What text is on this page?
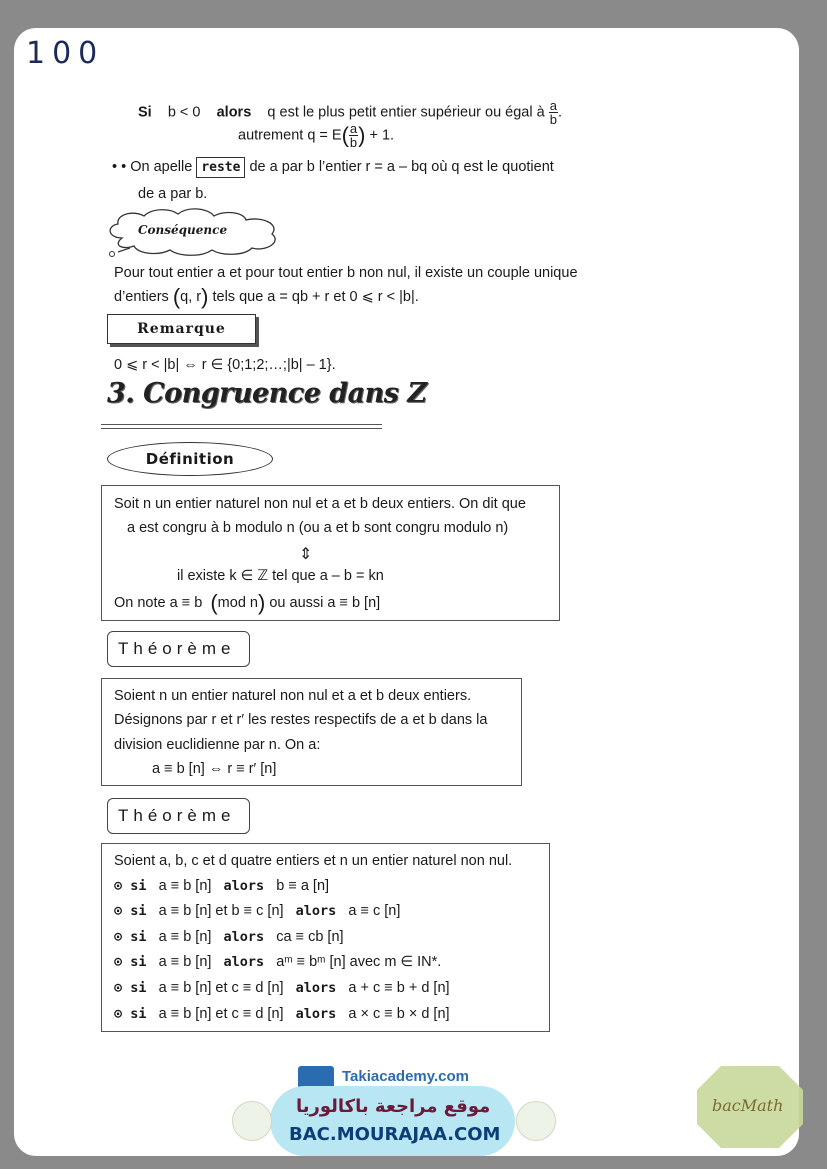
100
Si b < 0 alors q est le plus petit entier supérieur ou égal à $\frac{a}{b}$ .
autrement $q = E( \frac{a}{b}$ ) + 1.
• • On apelle reste de a par b l’entier r = a – bq où q est le quotient
de a par b.
Conséquence
Pour tout entier a et pour tout entier b non nul, il existe un couple unique
d’entiers (q, r) tels que a = qb + r et 0 ⩽ r < |b|.
Remarque
0 ⩽ r < |b| ⇔ r ∈ {0;1;2;…;|b| – 1}.
3. Congruence dans Z
Définition
Soit n un entier naturel non nul et a et b deux entiers. On dit que
a est congru à b modulo n (ou a et b sont congru modulo n)
⇕
il existe k ∈ ℤ tel que a – b = kn
On note a ≡ b (mod n) ou aussi a ≡ b [n]
Théorème
Soient n un entier naturel non nul et a et b deux entiers.
Désignons par r et r′ les restes respectifs de a et b dans la
division euclidienne par n. On a:
a ≡ b [n] ⇔ r ≡ r′ [n]
Théorème
Soient a, b, c et d quatre entiers et n un entier naturel non nul.
⊙ si a ≡ b [n] alors b ≡ a [n]
⊙ si a ≡ b [n] et b ≡ c [n] alors a ≡ c [n]
⊙ si a ≡ b [n] alors ca ≡ cb [n]
⊙ si a ≡ b [n] alors aᵐ ≡ bᵐ [n] avec m ∈ IN*.
⊙ si a ≡ b [n] et c ≡ d [n] alors a + c ≡ b + d [n]
⊙ si a ≡ b [n] et c ≡ d [n] alors a × c ≡ b × d [n]
Takiacademy.com
موقع مراجعة باكالوريا
BAC.MOURAJAA.COM
bacMath
